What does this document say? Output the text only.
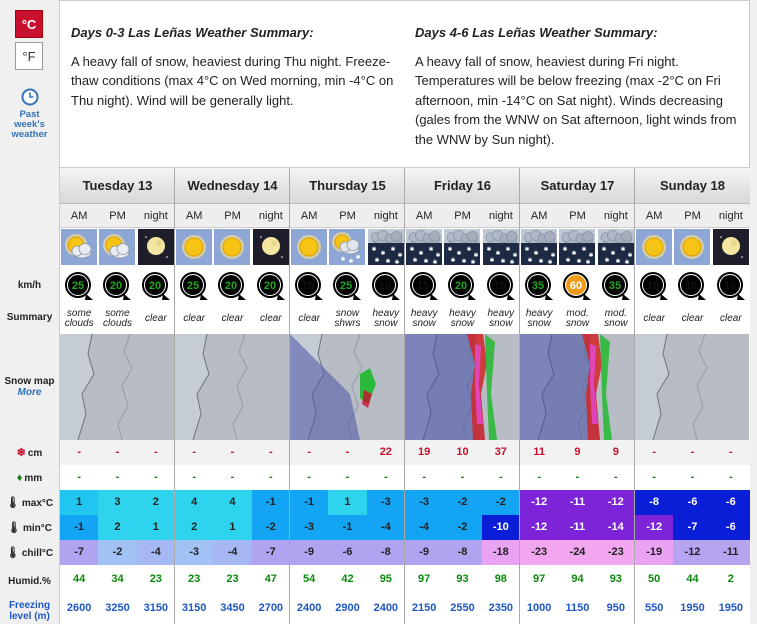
°C
°F
Past
week's
weather
km/h
Summary
Snow map
More
❄ cm
♦ mm
🌡 max°C
🌡 min°C
🌡 chill°C
Humid.%
Freezing
level (m)
Days 0-3 Las Leñas Weather Summary:

A heavy fall of snow, heaviest during Thu night. Freeze-thaw conditions (max 4°C on Wed morning, min -4°C on Thu night). Wind will be generally light.

Days 4-6 Las Leñas Weather Summary:

A heavy fall of snow, heaviest during Fri night. Temperatures will be below freezing (max -2°C on Fri afternoon, min -14°C on Sat night). Winds decreasing (gales from the WNW on Sat afternoon, light winds from the WNW by Sun night).

Tuesday 13
AM
25
some
clouds
-
-
1
-1
-7
44
2600
PM
20
some
clouds
-
-
3
2
-2
34
3250
night
20
clear
-
-
2
1
-4
23
3150
Wednesday 14
AM
25
clear
-
-
4
2
-3
23
3150
PM
20
clear
-
-
4
1
-4
23
3450
night
20
clear
-
-
-1
-2
-7
47
2700
Thursday 15
AM
15
clear
-
-
-1
-3
-9
54
2400
PM
✱ ✱
✱
25
snow
shwrs
-
-
1
-1
-6
42
2900
night
✱
✱
✱
✱
✱ ✱ ✱
10
heavy
snow
22
-
-3
-4
-8
95
2400
Friday 16
AM
✱
✱
✱
✱
✱ ✱ ✱
15
heavy
snow
19
-
-3
-4
-9
97
2150
PM
✱
✱
✱
✱
✱ ✱ ✱
20
heavy
snow
10
-
-2
-2
-8
93
2550
night
✱
✱
✱
✱
✱ ✱ ✱
15
heavy
snow
37
-
-2
-10
-18
98
2350
Saturday 17
AM
✱
✱
✱
✱
✱ ✱ ✱
35
heavy
snow
11
-
-12
-12
-23
97
1000
PM
✱
✱
✱
✱
✱ ✱ ✱
60
mod.
snow
9
-
-11
-11
-24
94
1150
night
✱
✱
✱
✱
✱ ✱ ✱
35
mod.
snow
9
-
-12
-14
-23
93
950
Sunday 18
AM
15
clear
-
-
-8
-12
-19
50
550
PM
10
clear
-
-
-6
-7
-12
44
1950
night
10
clear
-
-
-6
-6
-11
2
1950
